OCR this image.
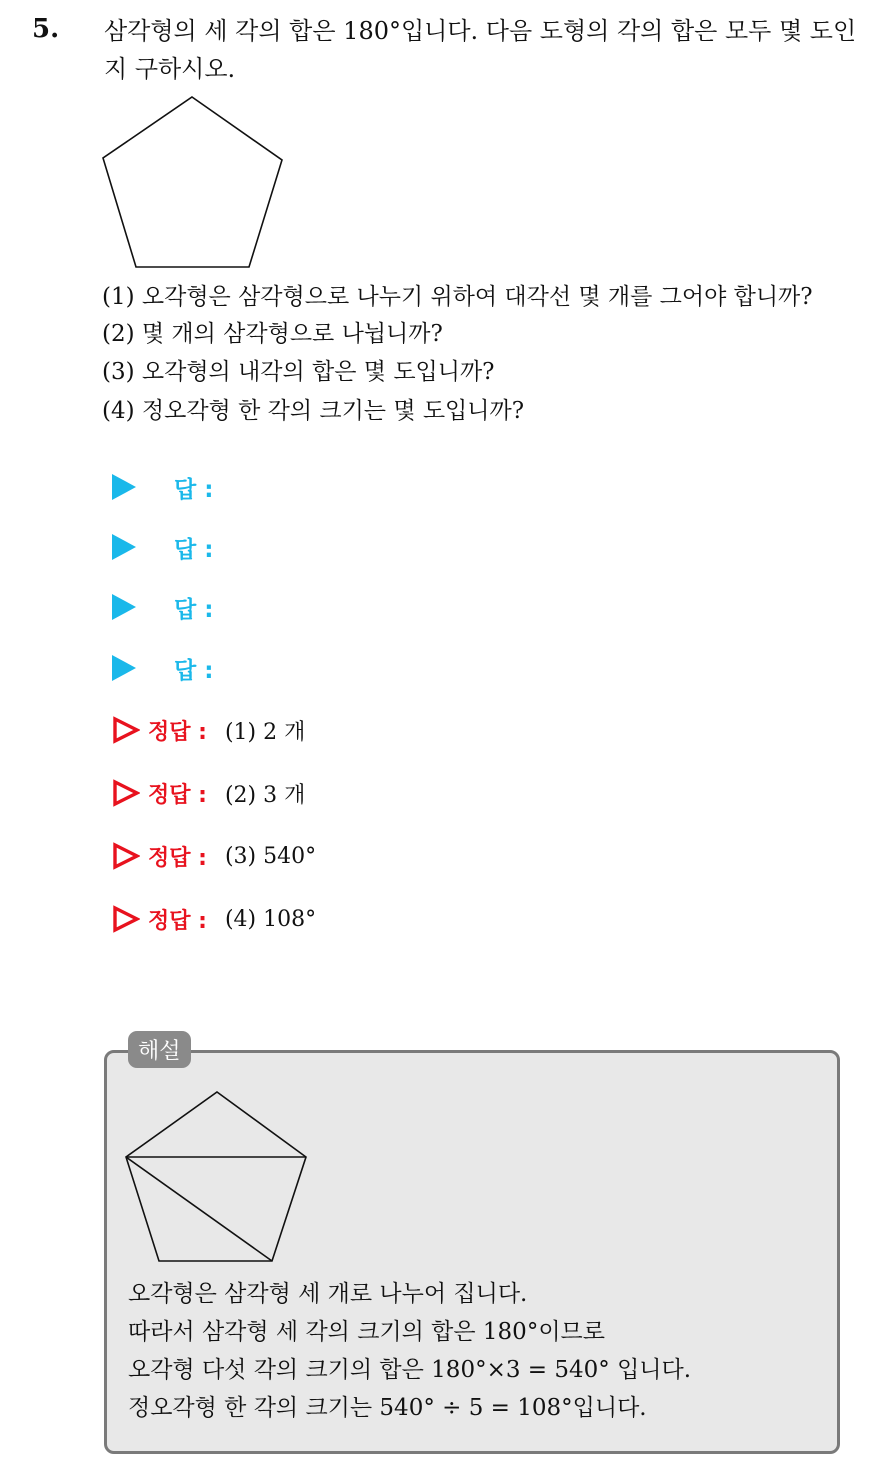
5. 삼각형의 세 각의 합은 180°입니다. 다음 도형의 각의 합은 모두 몇 도인지 구하시오.
(1) 오각형은 삼각형으로 나누기 위하여 대각선 몇 개를 그어야 합니까?
(2) 몇 개의 삼각형으로 나뉩니까?
(3) 오각형의 내각의 합은 몇 도입니까?
(4) 정오각형 한 각의 크기는 몇 도입니까?
답 :
답 :
답 :
답 :
정답 : (1) 2 개
정답 : (2) 3 개
정답 : (3) 540°
정답 : (4) 108°
해설
오각형은 삼각형 세 개로 나누어 집니다.
따라서 삼각형 세 각의 크기의 합은 180°이므로
오각형 다섯 각의 크기의 합은 180°×3 = 540° 입니다.
정오각형 한 각의 크기는 540° ÷ 5 = 108°입니다.
